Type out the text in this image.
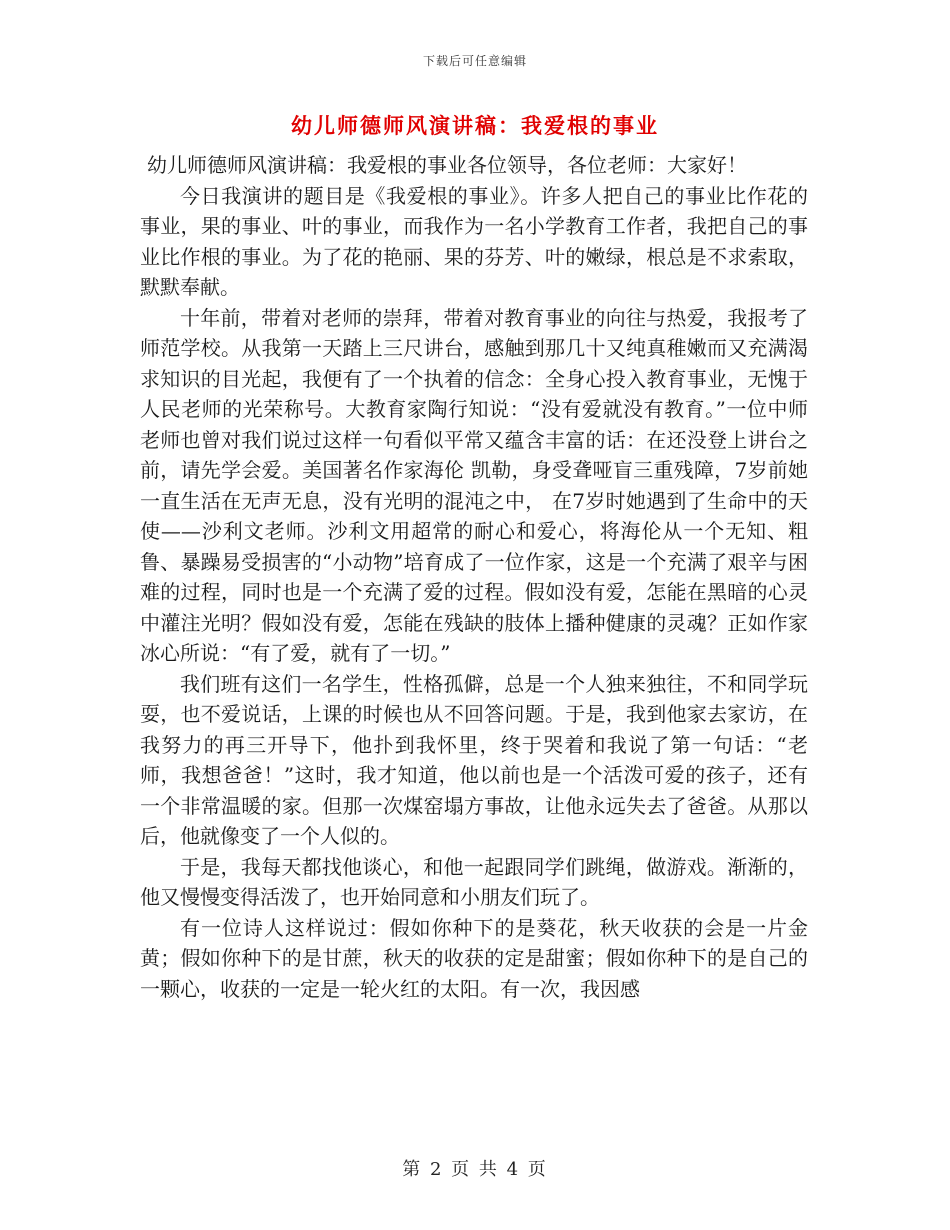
下载后可任意编辑
幼儿师德师风演讲稿：我爱根的事业

幼儿师德师风演讲稿：我爱根的事业各位领导，各位老师：大家好！

今日我演讲的题目是《我爱根的事业》。许多人把自己的事业比作花的事业，果的事业、叶的事业，而我作为一名小学教育工作者，我把自己的事业比作根的事业。为了花的艳丽、果的芬芳、叶的嫩绿，根总是不求索取，默默奉献。

十年前，带着对老师的崇拜，带着对教育事业的向往与热爱，我报考了师范学校。从我第一天踏上三尺讲台，感触到那几十又纯真稚嫩而又充满渴求知识的目光起，我便有了一个执着的信念：全身心投入教育事业，无愧于人民老师的光荣称号。大教育家陶行知说：“没有爱就没有教育。”一位中师老师也曾对我们说过这样一句看似平常又蕴含丰富的话：在还没登上讲台之前，请先学会爱。美国著名作家海伦 凯勒，身受聋哑盲三重残障，7岁前她一直生活在无声无息，没有光明的混沌之中， 在7岁时她遇到了生命中的天使——沙利文老师。沙利文用超常的耐心和爱心，将海伦从一个无知、粗鲁、暴躁易受损害的“小动物”培育成了一位作家，这是一个充满了艰辛与困难的过程，同时也是一个充满了爱的过程。假如没有爱，怎能在黑暗的心灵中灌注光明？假如没有爱，怎能在残缺的肢体上播种健康的灵魂？正如作家冰心所说：“有了爱，就有了一切。”

我们班有这们一名学生，性格孤僻，总是一个人独来独往，不和同学玩耍，也不爱说话，上课的时候也从不回答问题。于是，我到他家去家访，在我努力的再三开导下，他扑到我怀里，终于哭着和我说了第一句话：“老师，我想爸爸！”这时，我才知道，他以前也是一个活泼可爱的孩子，还有一个非常温暖的家。但那一次煤窑塌方事故，让他永远失去了爸爸。从那以后，他就像变了一个人似的。

于是，我每天都找他谈心，和他一起跟同学们跳绳，做游戏。渐渐的，他又慢慢变得活泼了，也开始同意和小朋友们玩了。

有一位诗人这样说过：假如你种下的是葵花，秋天收获的会是一片金黄；假如你种下的是甘蔗，秋天的收获的定是甜蜜；假如你种下的是自己的一颗心，收获的一定是一轮火红的太阳。有一次，我因感

第 2 页 共 4 页
